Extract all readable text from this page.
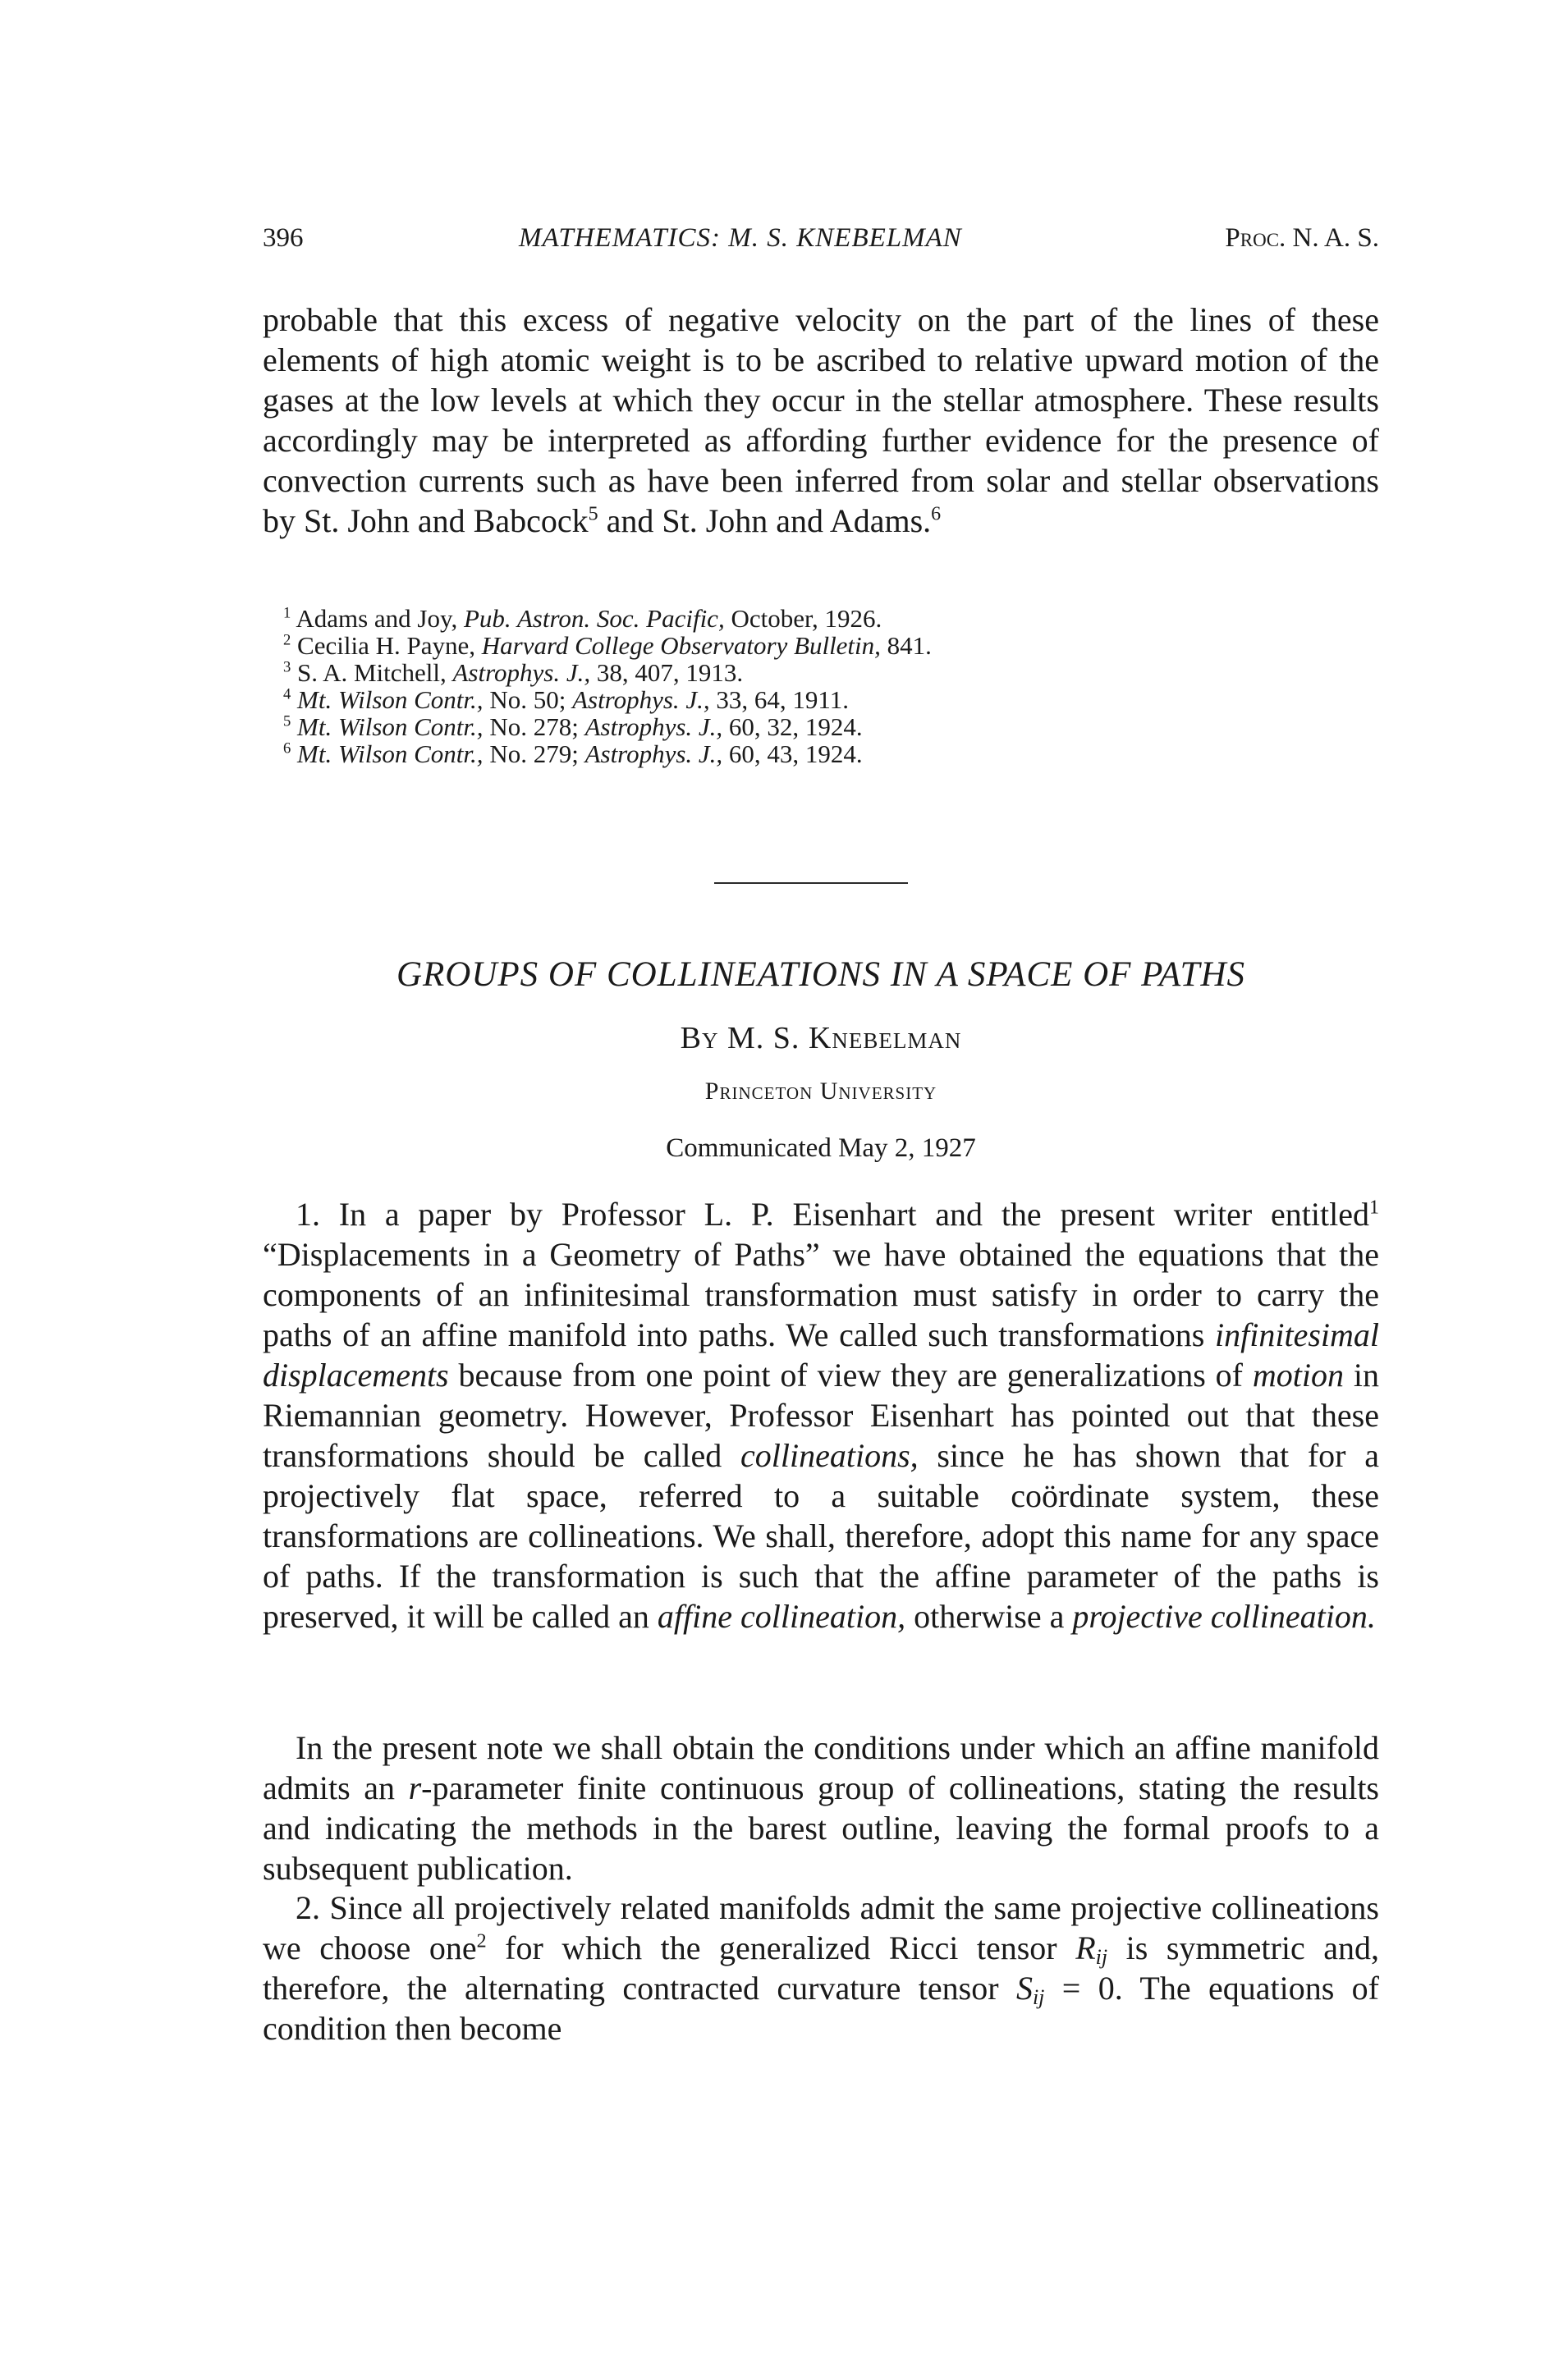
396	MATHEMATICS: M. S. KNEBELMAN	Proc. N. A. S.

probable that this excess of negative velocity on the part of the lines of these elements of high atomic weight is to be ascribed to relative upward motion of the gases at the low levels at which they occur in the stellar atmosphere. These results accordingly may be interpreted as affording further evidence for the presence of convection currents such as have been inferred from solar and stellar observations by St. John and Babcock$^5$ and St. John and Adams.$^6$

$^1$ Adams and Joy, Pub. Astron. Soc. Pacific, October, 1926.
$^2$ Cecilia H. Payne, Harvard College Observatory Bulletin, 841.
$^3$ S. A. Mitchell, Astrophys. J., 38, 407, 1913.
$^4$ Mt. Wilson Contr., No. 50; Astrophys. J., 33, 64, 1911.
$^5$ Mt. Wilson Contr., No. 278; Astrophys. J., 60, 32, 1924.
$^6$ Mt. Wilson Contr., No. 279; Astrophys. J., 60, 43, 1924.
GROUPS OF COLLINEATIONS IN A SPACE OF PATHS
By M. S. Knebelman
Princeton University
Communicated May 2, 1927

1. In a paper by Professor L. P. Eisenhart and the present writer entitled$^1$ “Displacements in a Geometry of Paths” we have obtained the equations that the components of an infinitesimal transformation must satisfy in order to carry the paths of an affine manifold into paths. We called such transformations infinitesimal displacements because from one point of view they are generalizations of motion in Riemannian geometry. However, Professor Eisenhart has pointed out that these transformations should be called collineations, since he has shown that for a projectively flat space, referred to a suitable coördinate system, these transformations are collineations. We shall, therefore, adopt this name for any space of paths. If the transformation is such that the affine parameter of the paths is preserved, it will be called an affine collineation, otherwise a projective collineation.

In the present note we shall obtain the conditions under which an affine manifold admits an r-parameter finite continuous group of collineations, stating the results and indicating the methods in the barest outline, leaving the formal proofs to a subsequent publication.

2. Since all projectively related manifolds admit the same projective collineations we choose one$^2$ for which the generalized Ricci tensor $R_{ij}$ is symmetric and, therefore, the alternating contracted curvature tensor $S_{ij} = 0$. The equations of condition then become
